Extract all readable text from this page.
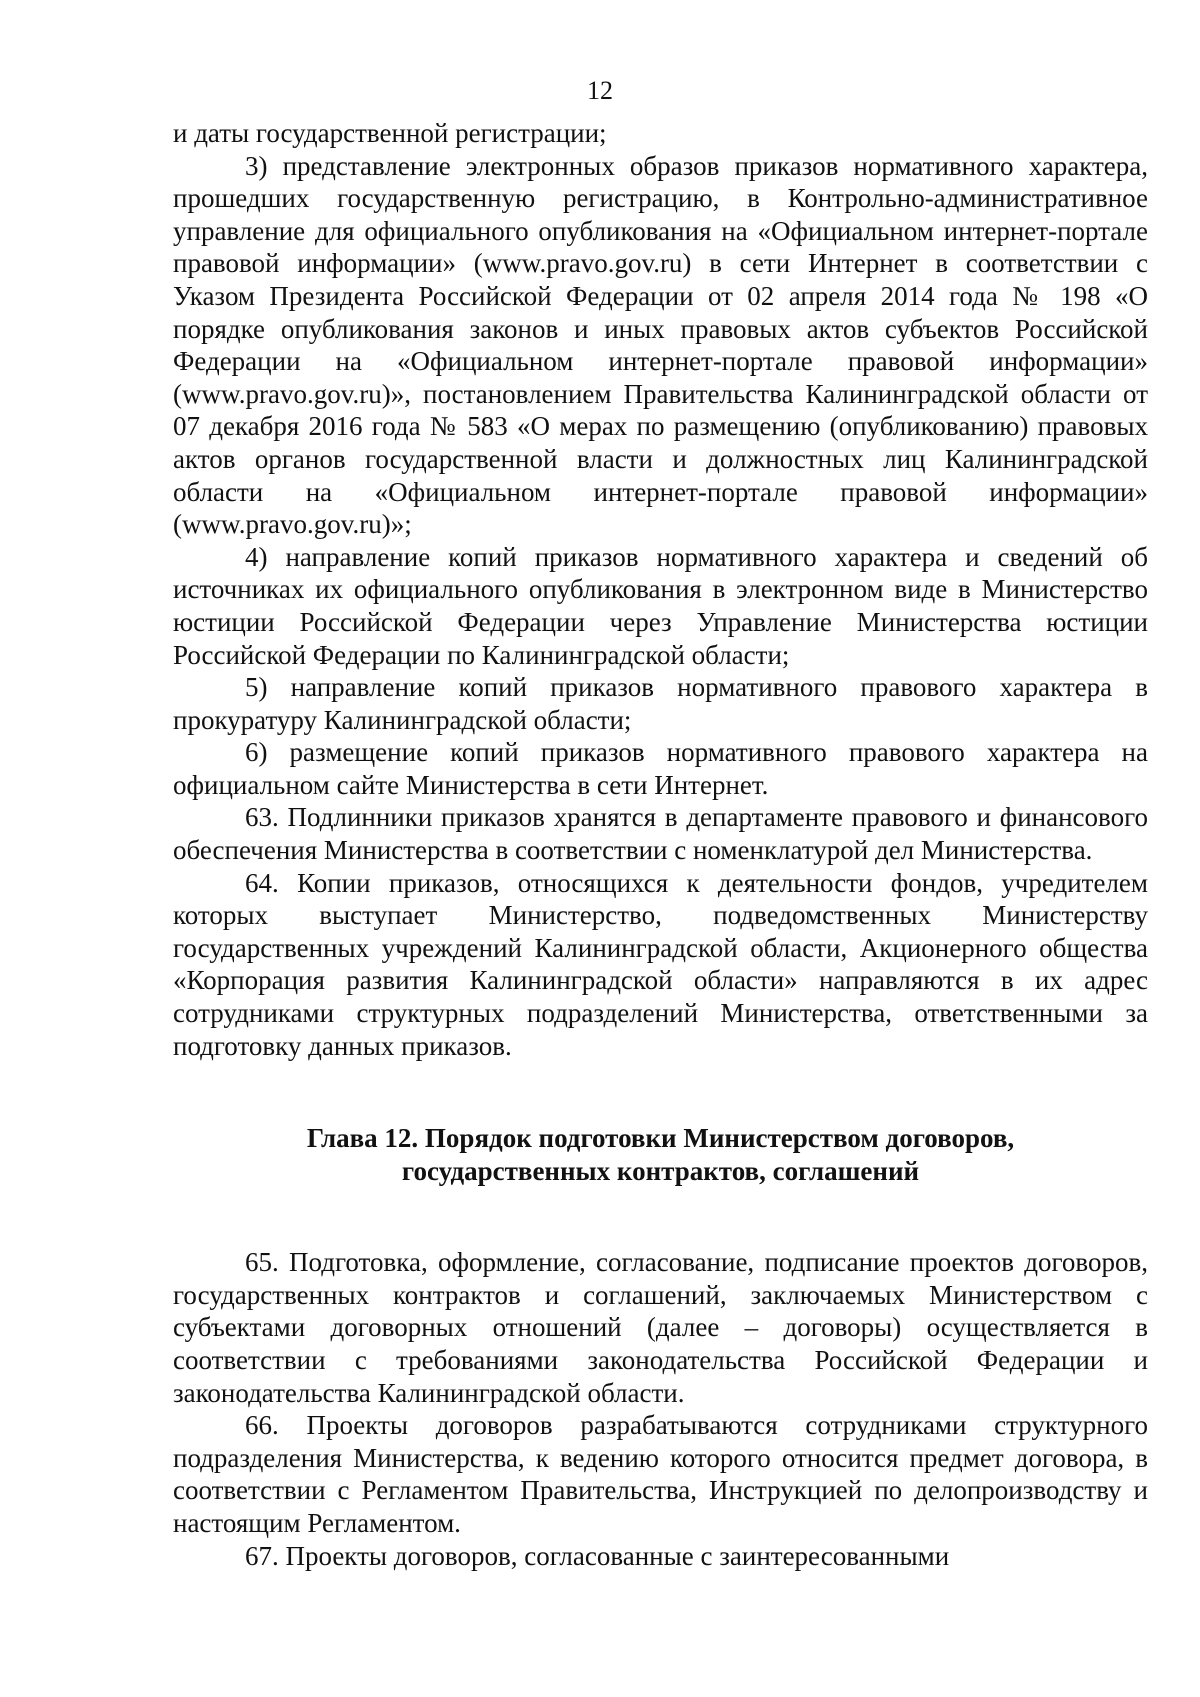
12

и даты государственной регистрации;

3) представление электронных образов приказов нормативного характера, прошедших государственную регистрацию, в Контрольно-административное управление для официального опубликования на «Официальном интернет-портале правовой информации» (www.pravo.gov.ru) в сети Интернет в соответствии с Указом Президента Российской Федерации от 02 апреля 2014 года № 198 «О порядке опубликования законов и иных правовых актов субъектов Российской Федерации на «Официальном интернет-портале правовой информации» (www.pravo.gov.ru)», постановлением Правительства Калининградской области от 07 декабря 2016 года № 583 «О мерах по размещению (опубликованию) правовых актов органов государственной власти и должностных лиц Калининградской области на «Официальном интернет-портале правовой информации» (www.pravo.gov.ru)»;

4) направление копий приказов нормативного характера и сведений об источниках их официального опубликования в электронном виде в Министерство юстиции Российской Федерации через Управление Министерства юстиции Российской Федерации по Калининградской области;

5) направление копий приказов нормативного правового характера в прокуратуру Калининградской области;

6) размещение копий приказов нормативного правового характера на официальном сайте Министерства в сети Интернет.

63. Подлинники приказов хранятся в департаменте правового и финансового обеспечения Министерства в соответствии с номенклатурой дел Министерства.

64. Копии приказов, относящихся к деятельности фондов, учредителем которых выступает Министерство, подведомственных Министерству государственных учреждений Калининградской области, Акционерного общества «Корпорация развития Калининградской области» направляются в их адрес сотрудниками структурных подразделений Министерства, ответственными за подготовку данных приказов.

Глава 12. Порядок подготовки Министерством договоров,
государственных контрактов, соглашений

65. Подготовка, оформление, согласование, подписание проектов договоров, государственных контрактов и соглашений, заключаемых Министерством с субъектами договорных отношений (далее – договоры) осуществляется в соответствии с требованиями законодательства Российской Федерации и законодательства Калининградской области.

66. Проекты договоров разрабатываются сотрудниками структурного подразделения Министерства, к ведению которого относится предмет договора, в соответствии с Регламентом Правительства, Инструкцией по делопроизводству и настоящим Регламентом.

67. Проекты договоров, согласованные с заинтересованными
